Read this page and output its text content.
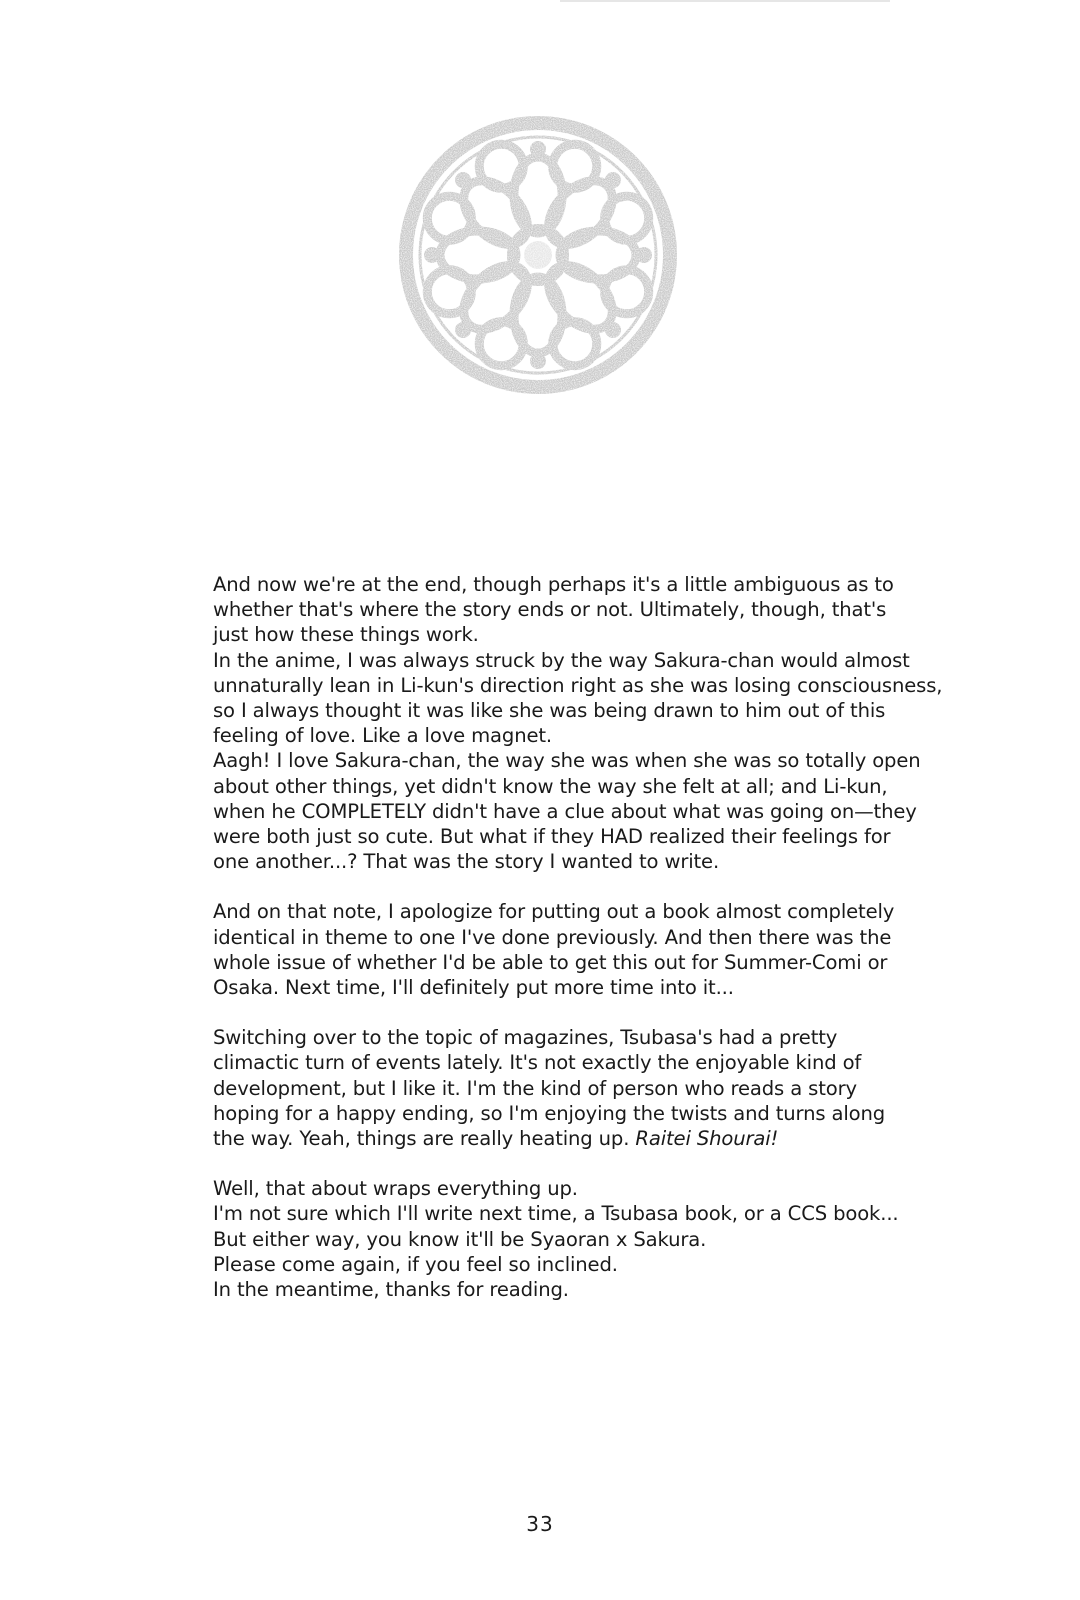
And now we're at the end, though perhaps it's a little ambiguous as to
whether that's where the story ends or not. Ultimately, though, that's
just how these things work.
In the anime, I was always struck by the way Sakura-chan would almost
unnaturally lean in Li-kun's direction right as she was losing consciousness,
so I always thought it was like she was being drawn to him out of this
feeling of love. Like a love magnet.
Aagh! I love Sakura-chan, the way she was when she was so totally open
about other things, yet didn't know the way she felt at all; and Li-kun,
when he COMPLETELY didn't have a clue about what was going on—they
were both just so cute. But what if they HAD realized their feelings for
one another...? That was the story I wanted to write.
And on that note, I apologize for putting out a book almost completely
identical in theme to one I've done previously. And then there was the
whole issue of whether I'd be able to get this out for Summer-Comi or
Osaka. Next time, I'll definitely put more time into it...
Switching over to the topic of magazines, Tsubasa's had a pretty
climactic turn of events lately. It's not exactly the enjoyable kind of
development, but I like it. I'm the kind of person who reads a story
hoping for a happy ending, so I'm enjoying the twists and turns along
the way. Yeah, things are really heating up. Raitei Shourai!
Well, that about wraps everything up.
I'm not sure which I'll write next time, a Tsubasa book, or a CCS book...
But either way, you know it'll be Syaoran x Sakura.
Please come again, if you feel so inclined.
In the meantime, thanks for reading.
33
